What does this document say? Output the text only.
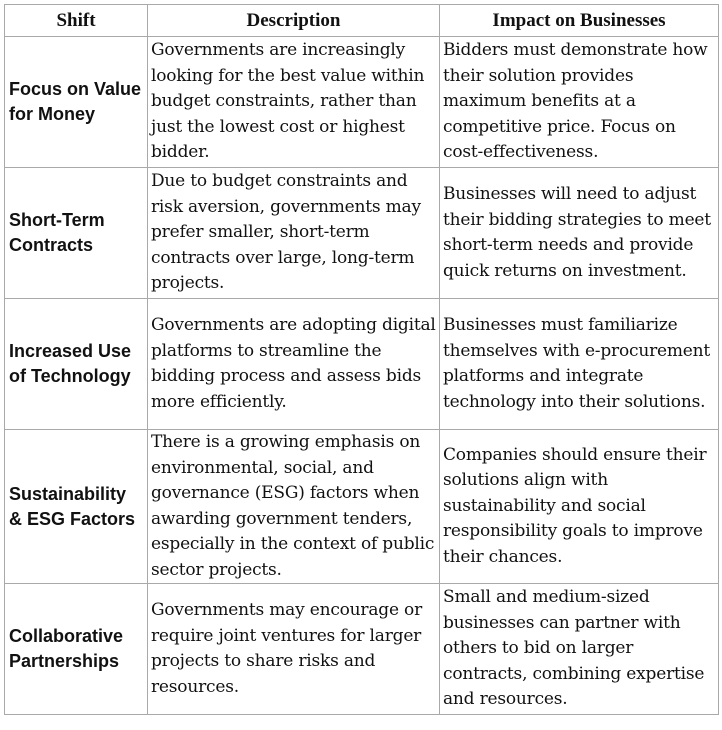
Shift	Description	Impact on Businesses
Focus on Value for Money	Governments are increasingly looking for the best value within budget constraints, rather than just the lowest cost or highest bidder.	Bidders must demonstrate how their solution provides maximum benefits at a competitive price. Focus on cost-effectiveness.
Short-Term Contracts	Due to budget constraints and risk aversion, governments may prefer smaller, short-term contracts over large, long-term projects.	Businesses will need to adjust their bidding strategies to meet short-term needs and provide quick returns on investment.
Increased Use of Technology	Governments are adopting digital platforms to streamline the bidding process and assess bids more efficiently.	Businesses must familiarize themselves with e-procurement platforms and integrate technology into their solutions.
Sustainability & ESG Factors	There is a growing emphasis on environmental, social, and governance (ESG) factors when awarding government tenders, especially in the context of public sector projects.	Companies should ensure their solutions align with sustainability and social responsibility goals to improve their chances.
Collaborative Partnerships	Governments may encourage or require joint ventures for larger projects to share risks and resources.	Small and medium-sized businesses can partner with others to bid on larger contracts, combining expertise and resources.
